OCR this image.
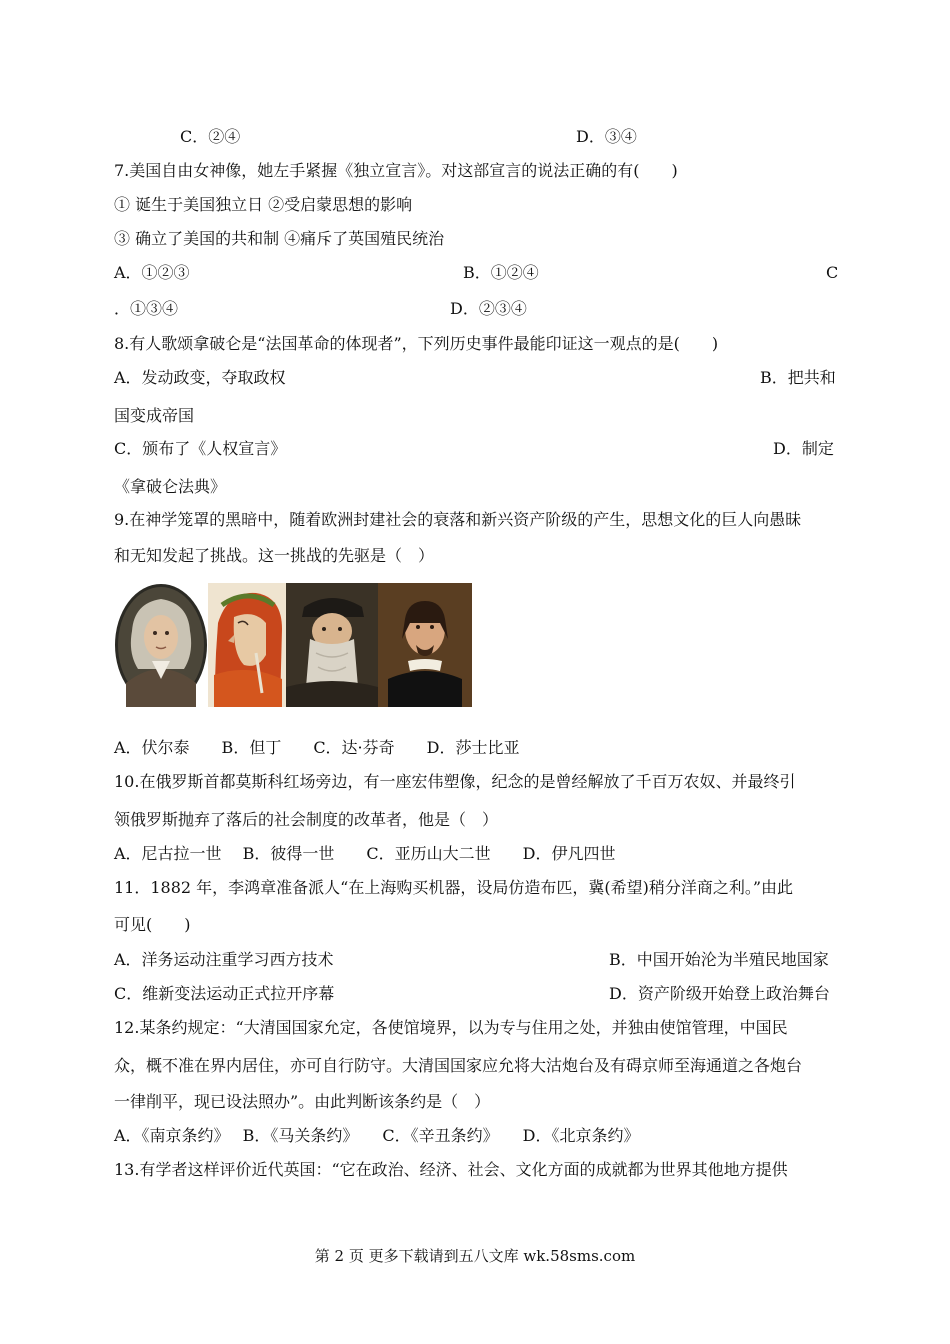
C．②④	D．③④
7.美国自由女神像，她左手紧握《独立宣言》。对这部宣言的说法正确的有(　　)
① 诞生于美国独立日 ②受启蒙思想的影响
③ 确立了美国的共和制 ④痛斥了英国殖民统治
A．①②③	B．①②④	C
．①③④	D．②③④
8.有人歌颂拿破仑是“法国革命的体现者”，下列历史事件最能印证这一观点的是(　　)
A．发动政变，夺取政权	B．把共和
国变成帝国
C．颁布了《人权宣言》	D．制定
《拿破仑法典》
9.在神学笼罩的黑暗中，随着欧洲封建社会的衰落和新兴资产阶级的产生，思想文化的巨人向愚昧
和无知发起了挑战。这一挑战的先驱是（　）
A．伏尔泰　　B．但丁　　C．达·芬奇　　D．莎士比亚
10.在俄罗斯首都莫斯科红场旁边，有一座宏伟塑像，纪念的是曾经解放了千百万农奴、并最终引
领俄罗斯抛弃了落后的社会制度的改革者，他是（　）
A．尼古拉一世　 B．彼得一世　　C．亚历山大二世　　D．伊凡四世
11．1882 年，李鸿章准备派人“在上海购买机器，设局仿造布匹，冀(希望)稍分洋商之利。”由此
可见(　　)
A．洋务运动注重学习西方技术	B．中国开始沦为半殖民地国家
C．维新变法运动正式拉开序幕	D．资产阶级开始登上政治舞台
12.某条约规定：“大清国国家允定，各使馆境界，以为专与住用之处，并独由使馆管理，中国民
众，概不准在界内居住，亦可自行防守。大清国国家应允将大沽炮台及有碍京师至海通道之各炮台
一律削平，现已设法照办”。由此判断该条约是（　）
A．《南京条约》　 B．《马关条约》　　C．《辛丑条约》　　D．《北京条约》
13.有学者这样评价近代英国：“它在政治、经济、社会、文化方面的成就都为世界其他地方提供
第 2 页 更多下载请到五八文库 wk.58sms.com
